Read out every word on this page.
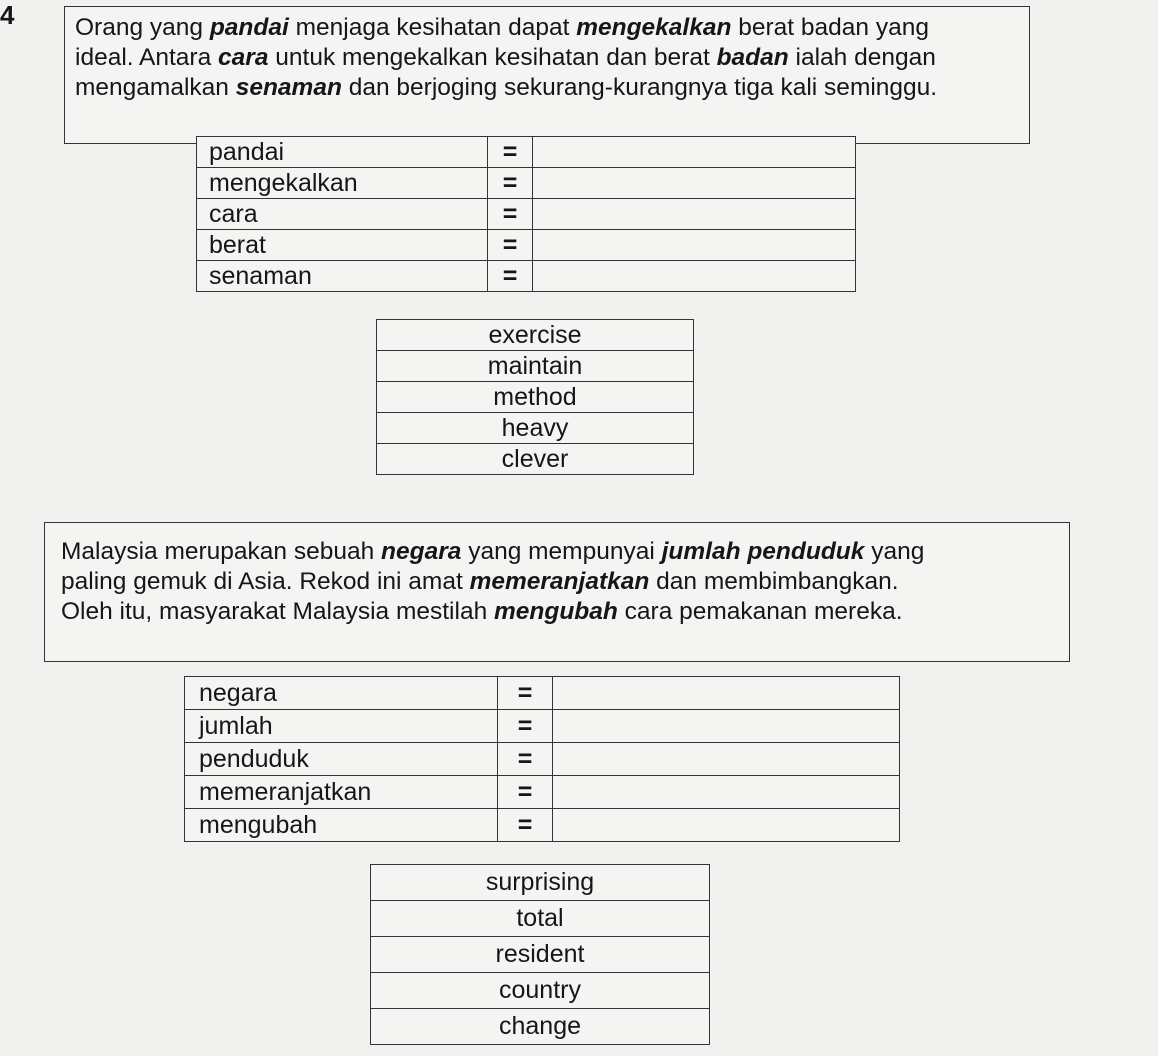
4 Orang yang pandai menjaga kesihatan dapat mengekalkan berat badan yang
ideal. Antara cara untuk mengekalkan kesihatan dan berat badan ialah dengan
mengamalkan senaman dan berjoging sekurang-kurangnya tiga kali seminggu.
pandai	=	
mengekalkan	=	
cara	=	
berat	=	
senaman	=	
exercise
maintain
method
heavy
clever
Malaysia merupakan sebuah negara yang mempunyai jumlah penduduk yang
paling gemuk di Asia. Rekod ini amat memeranjatkan dan membimbangkan.
Oleh itu, masyarakat Malaysia mestilah mengubah cara pemakanan mereka.
negara	=	
jumlah	=	
penduduk	=	
memeranjatkan	=	
mengubah	=	
surprising
total
resident
country
change
